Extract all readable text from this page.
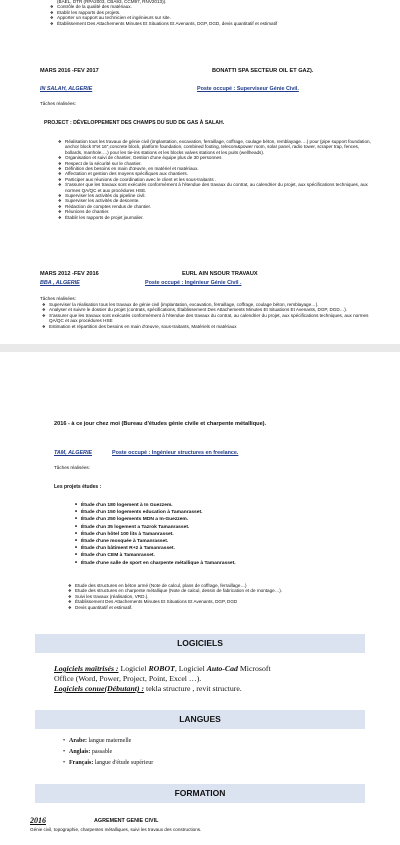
(BAEL, DTR (RPA2003, CBA93, CCM97, RNV2013)).
❖ Contrôle de la qualité des matériaux.
❖ Etablir les rapports des projets.
❖ Apporter un support au technicien et ingénieurs sur site.
❖ Établissement Des Attachements Minutes Et Situations Et Avenants, DGP, DGD, devis quantitatif et estimatif
MARS 2016 -FEV 2017	BONATTI SPA SECTEUR OIL ET GAZ).
IN SALAH, ALGERIE	Poste occupé : Superviseur Génie Civil.
Tâches réalisées:
PROJECT : DÉVELOPPEMENT DES CHAMPS DU SUD DE GAS À SALAH.
❖ Réalisation tous les travaux de génie civil (implantation, excavation, ferraillage, coffrage, coulage béton, remblayage….) pour (pipe support foundation, anchor block 8"et 16",concrete block, platform foundation, combined footing, telecom&power room, solar panel, radio tower, scraper trap, fences, bollards, manhole….) pour les tie-ins stations et les blocks valves stations et les puits (wellheads).
❖ Organisation et suivi de chantier, Gestion d'une équipe plus de 30 personnes
❖ Respect de la sécurité sur le chantier.
❖ Définition des besoins en main d'œuvre, en matériel et matériaux.
❖ Affectation et gestion des moyens spécifiques aux chantiers.
❖ Participer aux réunions de coordination avec le client et les sous-traitants .
❖ S'assurer que les travaux sont exécutés conformément à l'étendue des travaux du contrat, au calendrier du projet, aux spécifications techniques, aux normes QA/QC et aux procédures HSE.
❖ Superviser les activités du pipeline civil.
❖ Superviser les activités de descente.
❖ Rédaction de comptes rendus de chantier.
❖ Réunions de chantier.
❖ Établir les rapports de projet journalier.
MARS 2012 -FEV 2016	EURL AIN NSOUR TRAVAUX
BBA , ALGERIE	Poste occupé : Ingénieur Génie Civil .
Tâches réalisées:
❖ Superviser la réalisation tous les travaux de génie civil (implantation, excavation, ferraillage, coffrage, coulage béton, remblayage…).
❖ Analyser et suivre le dossier du projet (contrats, spécifications, Établissement Des Attachements Minutes Et Situations Et Avenants, DGP, DGD…).
❖ S'assurer que les travaux sont exécutés conformément à l'étendue des travaux du contrat, au calendrier du projet, aux spécifications techniques, aux normes QA/QC et aux procédures HSE
❖ Estimation et répartition des besoins en main d'œuvre, sous-traitants, Matériels et matériaux
2016 - à ce jour chez moi (Bureau d'études génie civile et charpente métallique).
TAM, ALGERIE	Poste occupé : Ingénieur structures en freelance.
Tâches réalisées:
Les projets études :
• Étude d'un 180 logement à In Guezzem.
• Étude d'un 150 logements education à Tamanrasset.
• Étude d'un 250 logements MDN a In-Guezzem.
• Étude d'un 35 logement a Tazrok Tamanrasset.
• Étude d'un hôtel 100 lits à Tamanrasset.
• Étude d'une mosquée à Tamanrasset.
• Étude d'un bâtiment R+2 à Tamanrasset.
• Étude d'un CEM à Tamanrasset.
• Étude d'une salle de sport en charpente métallique à Tamanrasset.
❖ Etude des structures en béton armé (Note de calcul, plans de coffrage, ferraillage…)
❖ Etude des structures en charpente métallique (Note de calcul, dessin de fabrication et de montage…).
❖ Suivi les travaux (réalisation, VRD.).
❖ Établissement Des Attachements Minutes Et Situations Et Avenants, DGP, DGD
❖ Devis quantitatif et estimatif.
LOGICIELS
Logiciels maîtrisés : Logiciel ROBOT, Logiciel Auto-Cad Microsoft
Office (Word, Power, Project, Point, Excel …).
Logiciels conue(Débutant) : tekla structure , revit structure.
LANGUES
• Arabe: langue maternelle
• Anglais: passable
• Français: langue d'étude supérieur
FORMATION
2016	AGREMENT GENIE CIVIL
Génie civil, topographie, charpentes métalliques, suivi les travaux des constructions.
